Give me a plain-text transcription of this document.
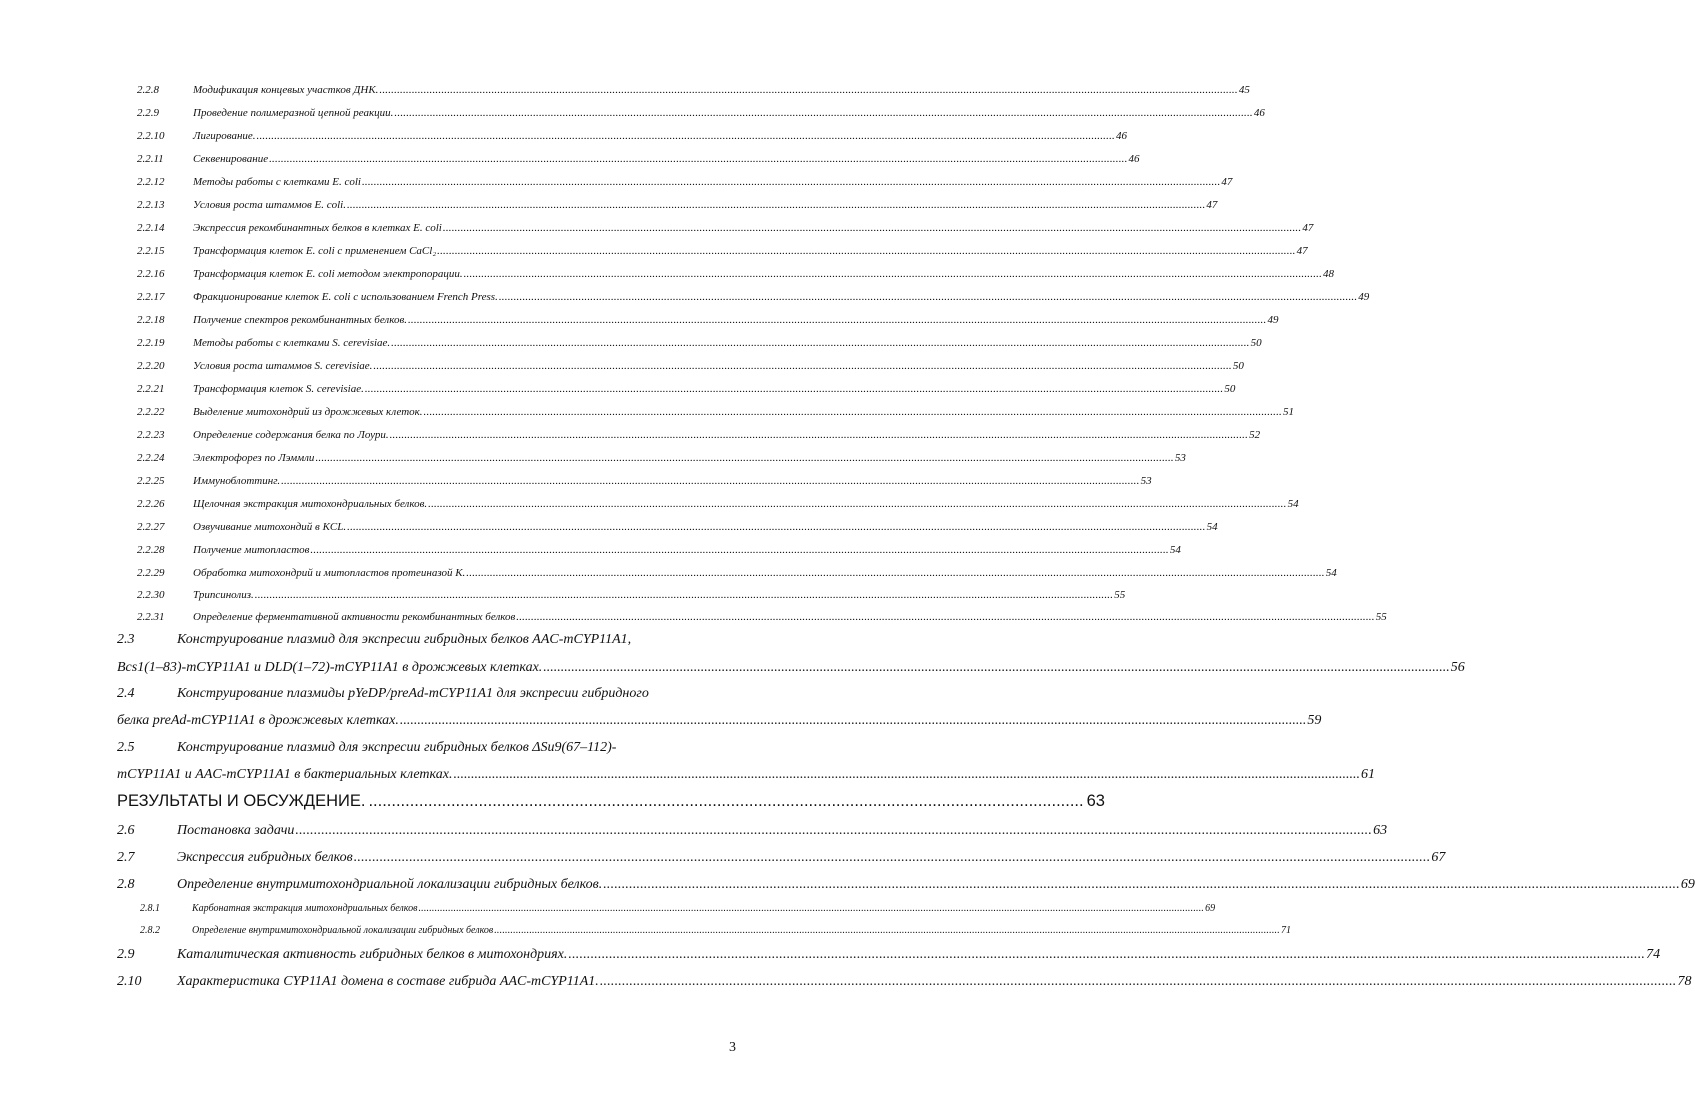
2.2.8	Модификация концевых участков ДНК. .....	45
2.2.9	Проведение полимеразной цепной реакции. .....	46
2.2.10	Лигирование. .....	46
2.2.11	Секвенирование .....	46
2.2.12	Методы работы с клетками E. coli .....	47
2.2.13	Условия роста штаммов E. coli. .....	47
2.2.14	Экспрессия рекомбинантных белков в клетках E. coli .....	47
2.2.15	Трансформация клеток E. coli с применением CaCl₂ .....	47
2.2.16	Трансформация клеток E. coli методом электропорации. .....	48
2.2.17	Фракционирование клеток E. coli с использованием French Press. .....	49
2.2.18	Получение спектров рекомбинантных белков. .....	49
2.2.19	Методы работы с клетками S. cerevisiae. .....	50
2.2.20	Условия роста штаммов S. cerevisiae. .....	50
2.2.21	Трансформация клеток S. cerevisiae. .....	50
2.2.22	Выделение митохондрий из дрожжевых клеток. .....	51
2.2.23	Определение содержания белка по Лоури. .....	52
2.2.24	Электрофорез по Лэммли .....	53
2.2.25	Иммуноблоттинг. .....	53
2.2.26	Щелочная экстракция митохондриальных белков. .....	54
2.2.27	Озвучивание митохондий в KCL. .....	54
2.2.28	Получение митопластов .....	54
2.2.29	Обработка митохондрий и митопластов протеиназой К. .....	54
2.2.30	Трипсинолиз. .....	55
2.2.31	Определение ферментативной активности рекомбинантных белков .....	55
2.3	Конструирование плазмид для экспресии гибридных белков AAC-mCYP11A1,
Bcs1(1–83)-mCYP11A1 и DLD(1–72)-mCYP11A1 в дрожжевых клетках. .....	56
2.4	Конструирование плазмиды pYeDP/preAd-mCYP11A1 для экспресии гибридного
белка preAd-mCYP11A1 в дрожжевых клетках. .....	59
2.5	Конструирование плазмид для экспресии гибридных белков ΔSu9(67–112)-
mCYP11A1 и AAC-mCYP11A1 в бактериальных клетках. .....	61
РЕЗУЛЬТАТЫ И ОБСУЖДЕНИЕ. .....	63
2.6	Постановка задачи .....	63
2.7	Экспрессия гибридных белков .....	67
2.8	Определение внутримитохондриальной локализации гибридных белков. .....	69
2.8.1	Карбонатная экстракция митохондриальных белков .....	69
2.8.2	Определение внутримитохондриальной локализации гибридных белков .....	71
2.9	Каталитическая активность гибридных белков в митохондриях. .....	74
2.10	Характеристика CYP11A1 домена в составе гибрида AAC-mCYP11A1. .....	78
3
